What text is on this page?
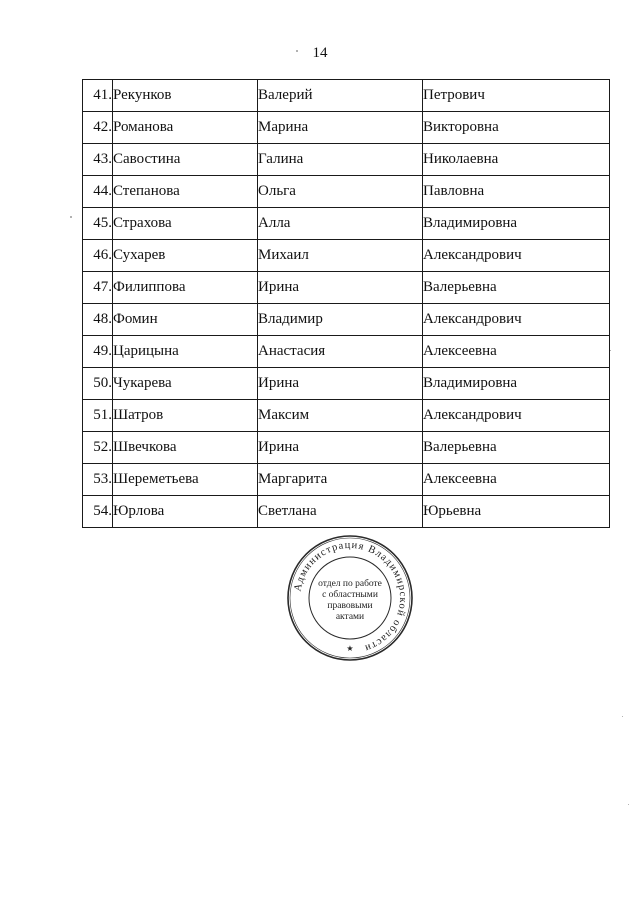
14
41.	Рекунков	Валерий	Петрович
42.	Романова	Марина	Викторовна
43.	Савостина	Галина	Николаевна
44.	Степанова	Ольга	Павловна
45.	Страхова	Алла	Владимировна
46.	Сухарев	Михаил	Александрович
47.	Филиппова	Ирина	Валерьевна
48.	Фомин	Владимир	Александрович
49.	Царицына	Анастасия	Алексеевна
50.	Чукарева	Ирина	Владимировна
51.	Шатров	Максим	Александрович
52.	Швечкова	Ирина	Валерьевна
53.	Шереметьева	Маргарита	Алексеевна
54.	Юрлова	Светлана	Юрьевна
Администрация Владимирской области
★
отдел по работе
с областными
правовыми
актами
